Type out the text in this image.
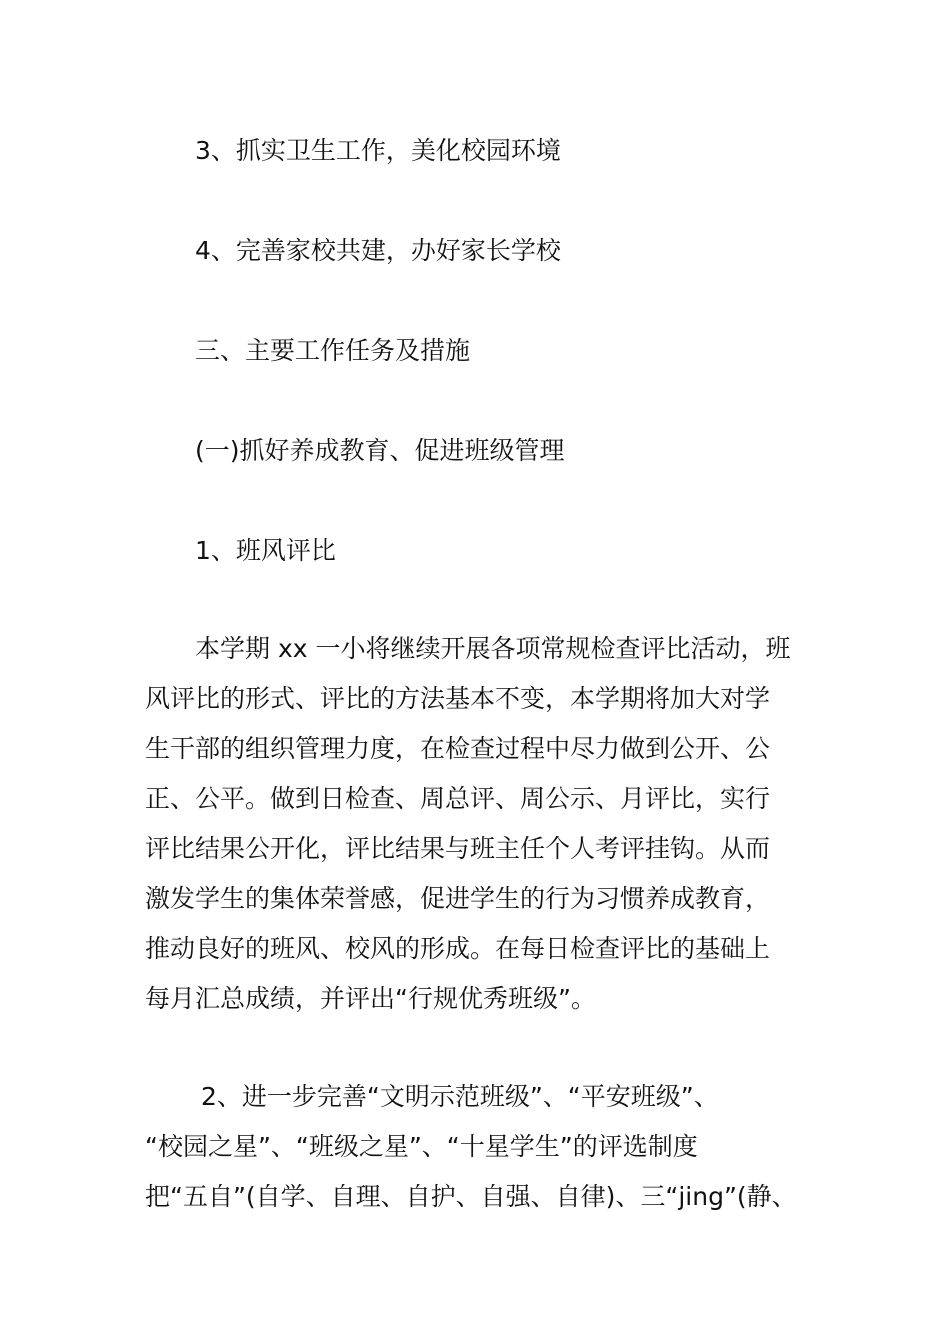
3、抓实卫生工作，美化校园环境
4、完善家校共建，办好家长学校
三、主要工作任务及措施
(一)抓好养成教育、促进班级管理
1、班风评比
本学期 xx 一小将继续开展各项常规检查评比活动，班
风评比的形式、评比的方法基本不变，本学期将加大对学
生干部的组织管理力度，在检查过程中尽力做到公开、公
正、公平。做到日检查、周总评、周公示、月评比，实行
评比结果公开化，评比结果与班主任个人考评挂钩。从而
激发学生的集体荣誉感，促进学生的行为习惯养成教育，
推动良好的班风、校风的形成。在每日检查评比的基础上
每月汇总成绩，并评出“行规优秀班级”。
2、进一步完善“文明示范班级”、“平安班级”、
“校园之星”、“班级之星”、“十星学生”的评选制度
把“五自”(自学、自理、自护、自强、自律)、三“jing”(静、
